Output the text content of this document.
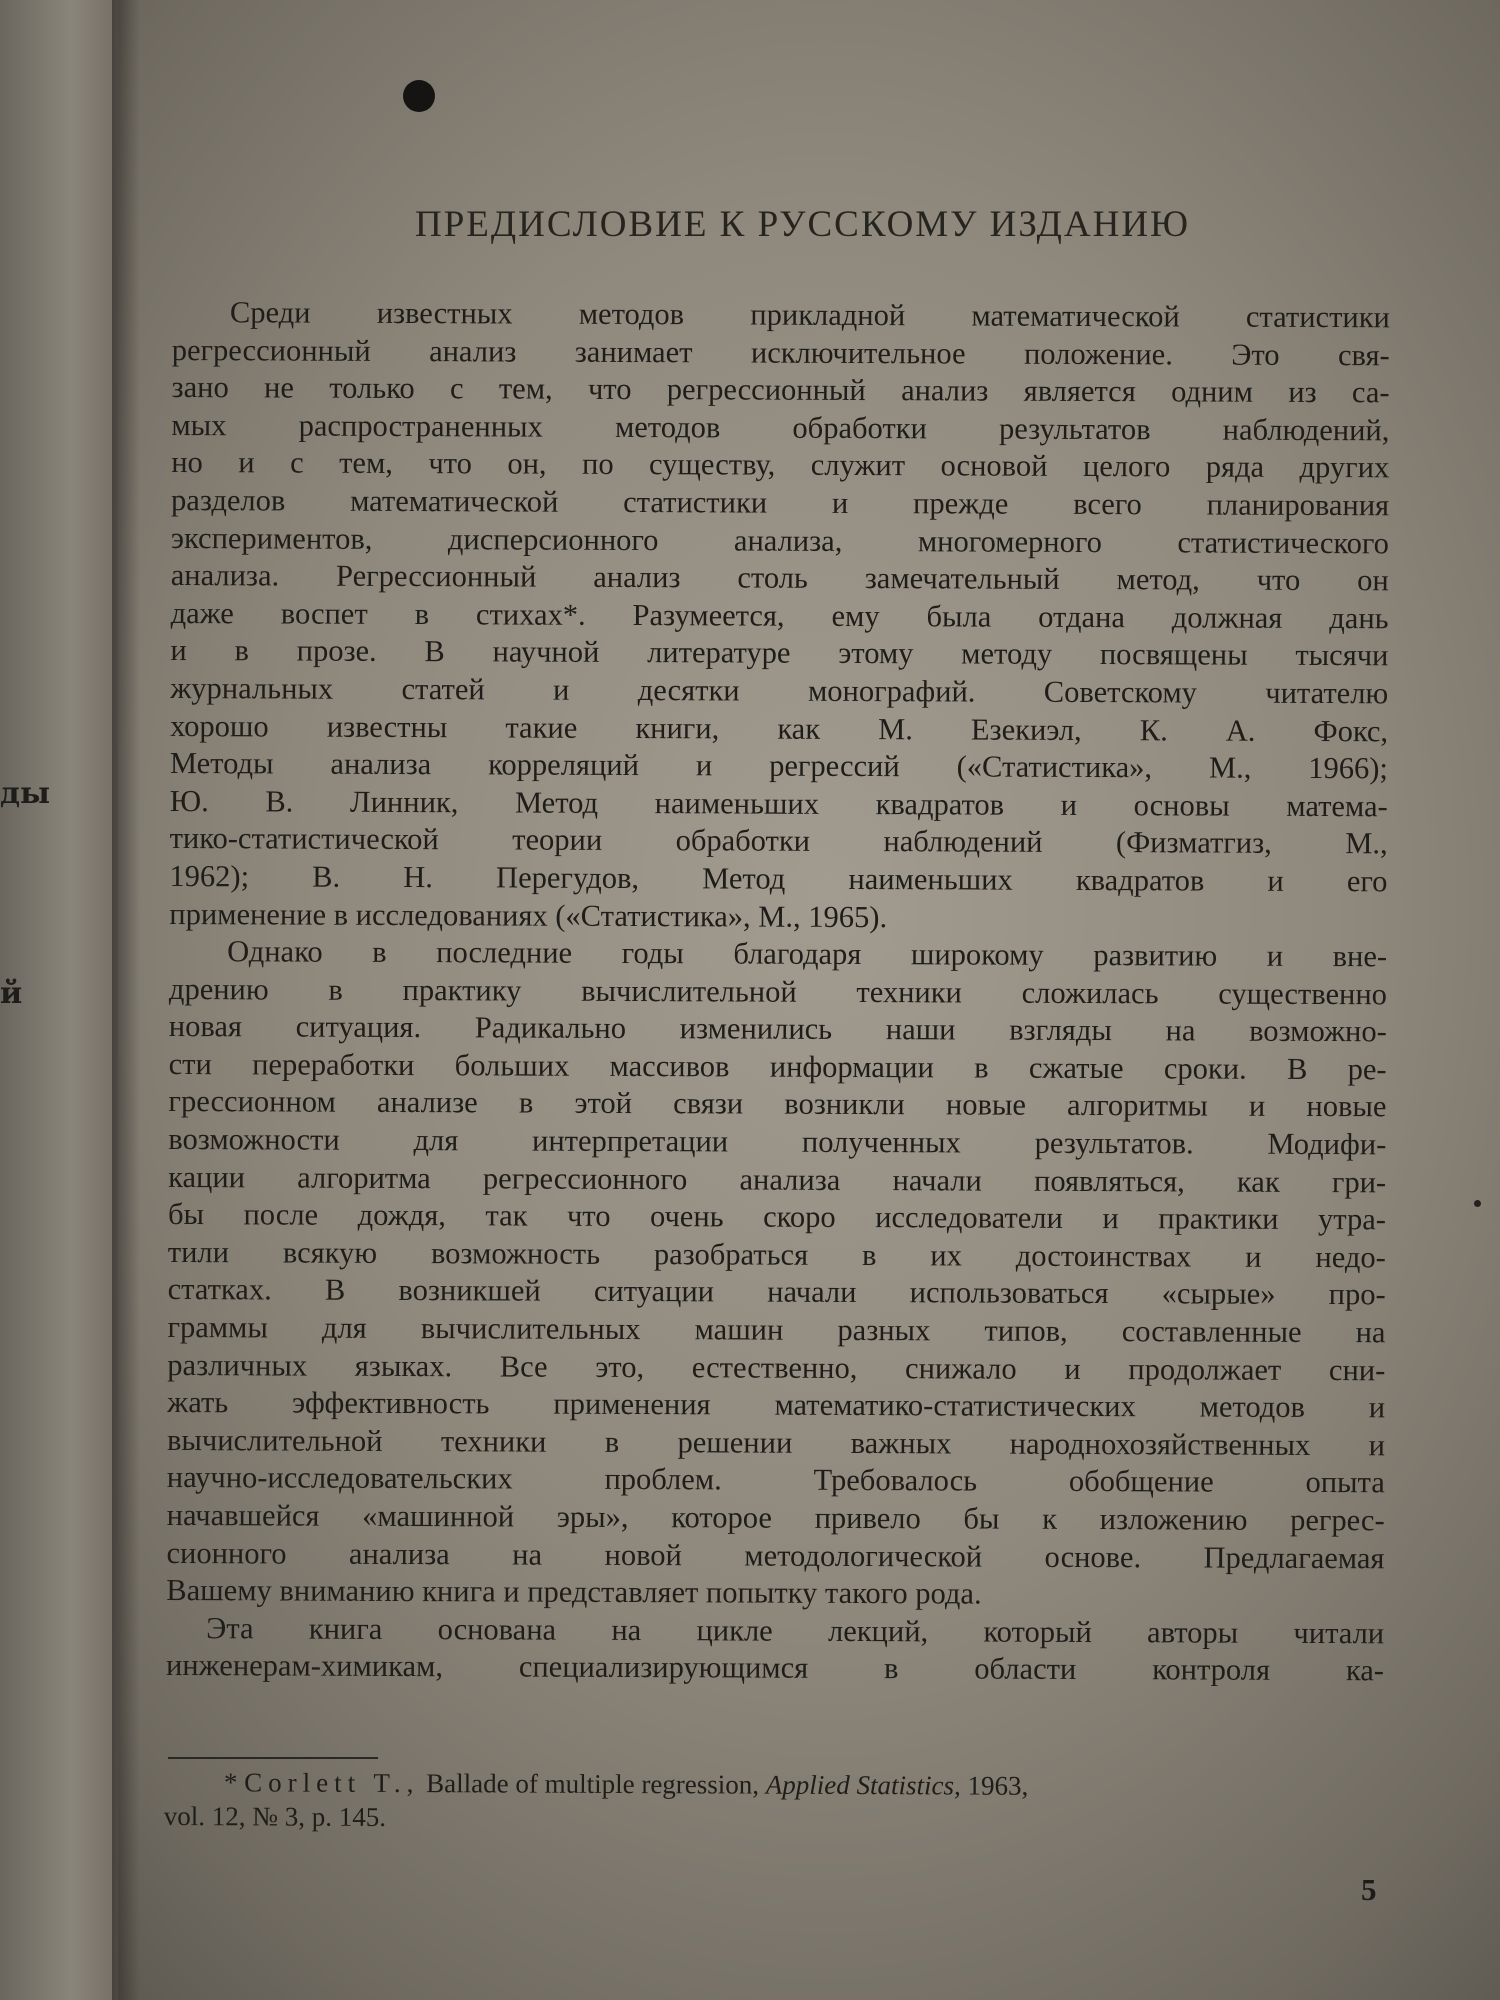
ды
й
ПРЕДИСЛОВИЕ К РУССКОМУ ИЗДАНИЮ
Среди известных методов прикладной математической статистики
регрессионный анализ занимает исключительное положение. Это свя-
зано не только с тем, что регрессионный анализ является одним из са-
мых распространенных методов обработки результатов наблюдений,
но и с тем, что он, по существу, служит основой целого ряда других
разделов математической статистики и прежде всего планирования
экспериментов, дисперсионного анализа, многомерного статистического
анализа. Регрессионный анализ столь замечательный метод, что он
даже воспет в стихах*. Разумеется, ему была отдана должная дань
и в прозе. В научной литературе этому методу посвящены тысячи
журнальных статей и десятки монографий. Советскому читателю
хорошо известны такие книги, как М. Езекиэл, К. А. Фокс,
Методы анализа корреляций и регрессий («Статистика», М., 1966);
Ю. В. Линник, Метод наименьших квадратов и основы матема-
тико-статистической теории обработки наблюдений (Физматгиз, М.,
1962); В. Н. Перегудов, Метод наименьших квадратов и его
применение в исследованиях («Статистика», М., 1965).
Однако в последние годы благодаря широкому развитию и вне-
дрению в практику вычислительной техники сложилась существенно
новая ситуация. Радикально изменились наши взгляды на возможно-
сти переработки больших массивов информации в сжатые сроки. В ре-
грессионном анализе в этой связи возникли новые алгоритмы и новые
возможности для интерпретации полученных результатов. Модифи-
кации алгоритма регрессионного анализа начали появляться, как гри-
бы после дождя, так что очень скоро исследователи и практики утра-
тили всякую возможность разобраться в их достоинствах и недо-
статках. В возникшей ситуации начали использоваться «сырые» про-
граммы для вычислительных машин разных типов, составленные на
различных языках. Все это, естественно, снижало и продолжает сни-
жать эффективность применения математико-статистических методов и
вычислительной техники в решении важных народнохозяйственных и
научно-исследовательских проблем. Требовалось обобщение опыта
начавшейся «машинной эры», которое привело бы к изложению регрес-
сионного анализа на новой методологической основе. Предлагаемая
Вашему вниманию книга и представляет попытку такого рода.
Эта книга основана на цикле лекций, который авторы читали
инженерам-химикам, специализирующимся в области контроля ка-
* Corlett T., Ballade of multiple regression, Applied Statistics, 1963,
vol. 12, № 3, p. 145.
5
